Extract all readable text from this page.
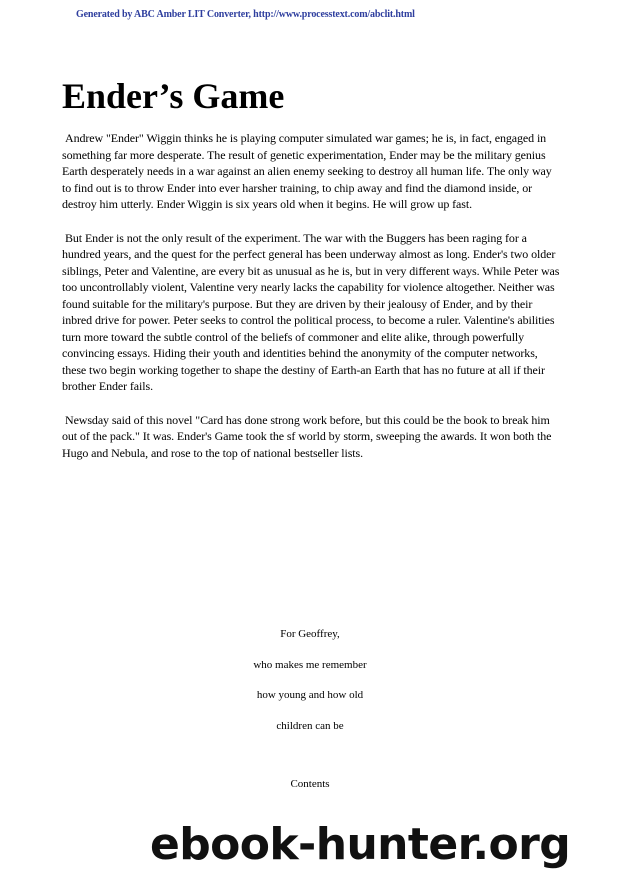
Generated by ABC Amber LIT Converter, http://www.processtext.com/abclit.html
Ender’s Game

Andrew "Ender" Wiggin thinks he is playing computer simulated war games; he is, in fact, engaged in something far more desperate. The result of genetic experimentation, Ender may be the military genius Earth desperately needs in a war against an alien enemy seeking to destroy all human life. The only way to find out is to throw Ender into ever harsher training, to chip away and find the diamond inside, or destroy him utterly. Ender Wiggin is six years old when it begins. He will grow up fast.

But Ender is not the only result of the experiment. The war with the Buggers has been raging for a hundred years, and the quest for the perfect general has been underway almost as long. Ender's two older siblings, Peter and Valentine, are every bit as unusual as he is, but in very different ways. While Peter was too uncontrollably violent, Valentine very nearly lacks the capability for violence altogether. Neither was found suitable for the military's purpose. But they are driven by their jealousy of Ender, and by their inbred drive for power. Peter seeks to control the political process, to become a ruler. Valentine's abilities turn more toward the subtle control of the beliefs of commoner and elite alike, through powerfully convincing essays. Hiding their youth and identities behind the anonymity of the computer networks, these two begin working together to shape the destiny of Earth-an Earth that has no future at all if their brother Ender fails.

Newsday said of this novel "Card has done strong work before, but this could be the book to break him out of the pack." It was. Ender's Game took the sf world by storm, sweeping the awards. It won both the Hugo and Nebula, and rose to the top of national bestseller lists.

For Geoffrey,

who makes me remember

how young and how old

children can be

Contents

ebook-hunter.org
